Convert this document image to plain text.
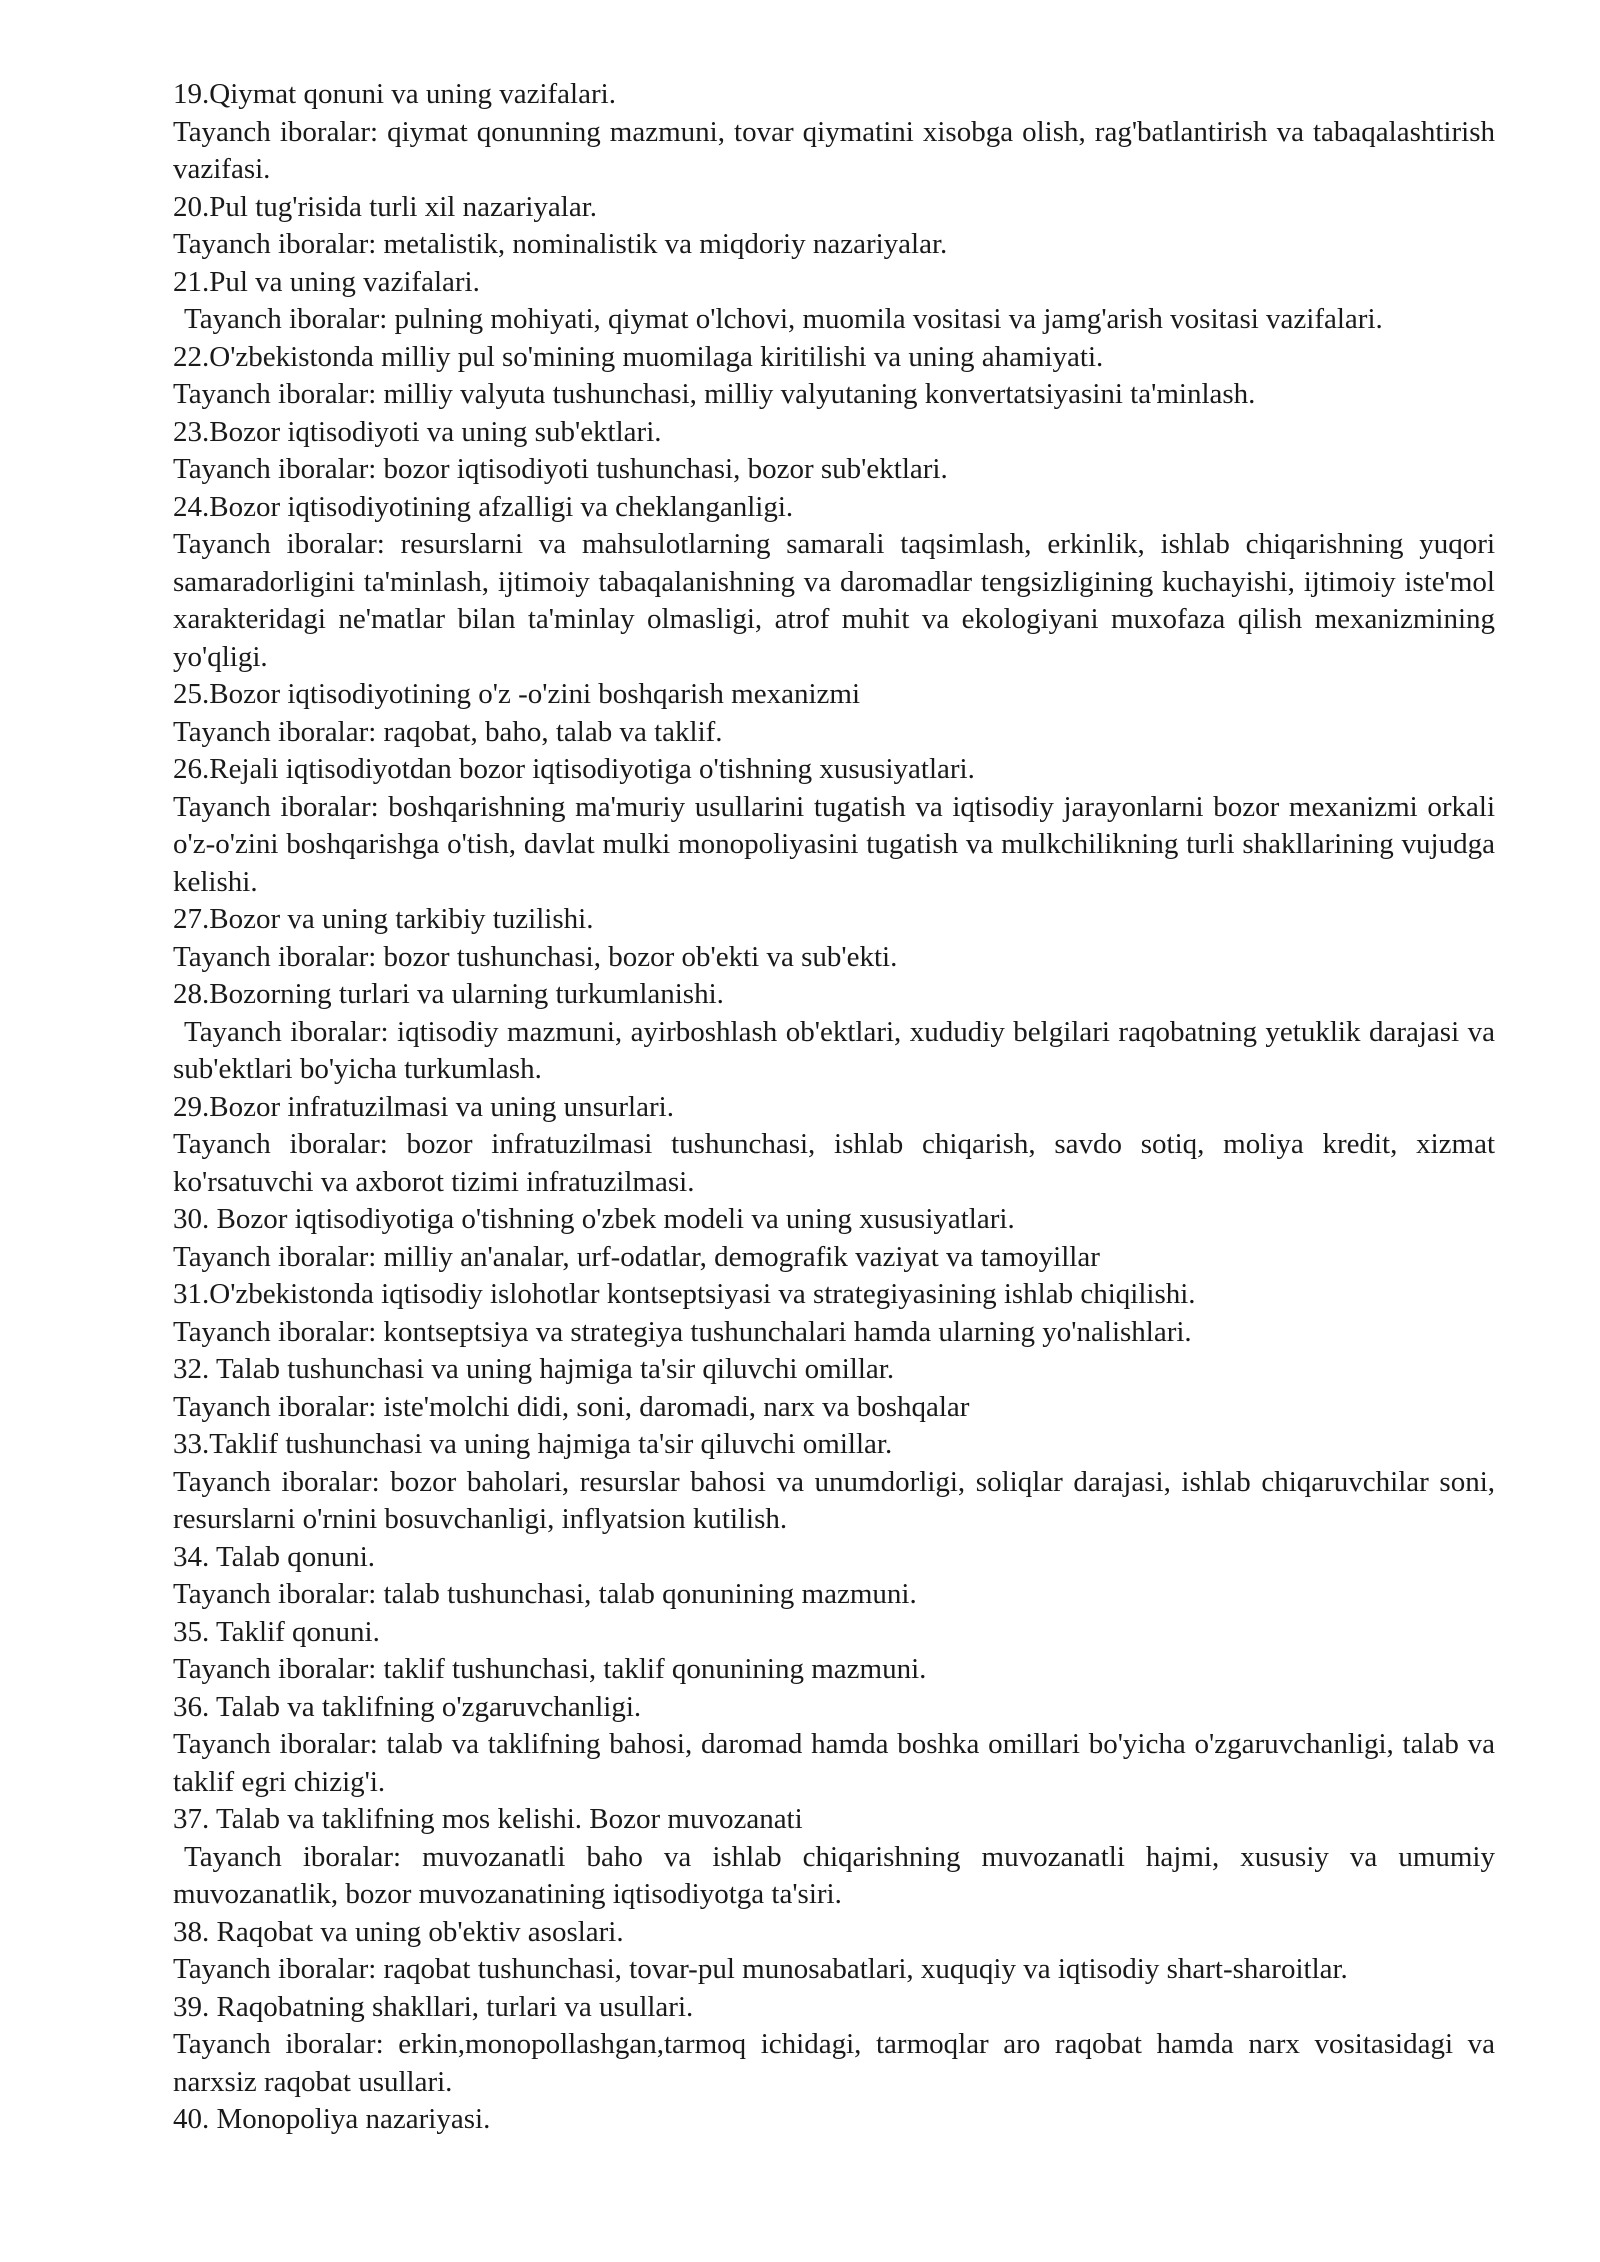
19.Qiymat qonuni va uning vazifalari.

Tayanch iboralar: qiymat qonunning mazmuni, tovar qiymatini xisobga olish, rag'batlantirish va tabaqalashtirish vazifasi.

20.Pul tug'risida turli xil nazariyalar.

Tayanch iboralar: metalistik, nominalistik va miqdoriy nazariyalar.

21.Pul va uning vazifalari.

Tayanch iboralar: pulning mohiyati, qiymat o'lchovi, muomila vositasi va jamg'arish vositasi vazifalari.

22.O'zbekistonda milliy pul so'mining muomilaga kiritilishi va uning ahamiyati.

Tayanch iboralar: milliy valyuta tushunchasi, milliy valyutaning konvertatsiyasini ta'minlash.

23.Bozor iqtisodiyoti va uning sub'ektlari.

Tayanch iboralar: bozor iqtisodiyoti tushunchasi, bozor sub'ektlari.

24.Bozor iqtisodiyotining afzalligi va cheklanganligi.

Tayanch iboralar: resurslarni va mahsulotlarning samarali taqsimlash, erkinlik, ishlab chiqarishning yuqori samaradorligini ta'minlash, ijtimoiy tabaqalanishning va daromadlar tengsizligining kuchayishi, ijtimoiy iste'mol xarakteridagi ne'matlar bilan ta'minlay olmasligi, atrof muhit va ekologiyani muxofaza qilish mexanizmining yo'qligi.

25.Bozor iqtisodiyotining o'z -o'zini boshqarish mexanizmi

Tayanch iboralar: raqobat, baho, talab va taklif.

26.Rejali iqtisodiyotdan bozor iqtisodiyotiga o'tishning xususiyatlari.

Tayanch iboralar: boshqarishning ma'muriy usullarini tugatish va iqtisodiy jarayonlarni bozor mexanizmi orkali o'z-o'zini boshqarishga o'tish, davlat mulki monopoliyasini tugatish va mulkchilikning turli shakllarining vujudga kelishi.

27.Bozor va uning tarkibiy tuzilishi.

Tayanch iboralar: bozor tushunchasi, bozor ob'ekti va sub'ekti.

28.Bozorning turlari va ularning turkumlanishi.

Tayanch iboralar: iqtisodiy mazmuni, ayirboshlash ob'ektlari, xududiy belgilari raqobatning yetuklik darajasi va sub'ektlari bo'yicha turkumlash.

29.Bozor infratuzilmasi va uning unsurlari.

Tayanch iboralar: bozor infratuzilmasi tushunchasi, ishlab chiqarish, savdo sotiq, moliya kredit, xizmat ko'rsatuvchi va axborot tizimi infratuzilmasi.

30. Bozor iqtisodiyotiga o'tishning o'zbek modeli va uning xususiyatlari.

Tayanch iboralar: milliy an'analar, urf-odatlar, demografik vaziyat va tamoyillar

31.O'zbekistonda iqtisodiy islohotlar kontseptsiyasi va strategiyasining ishlab chiqilishi.

Tayanch iboralar: kontseptsiya va strategiya tushunchalari hamda ularning yo'nalishlari.

32. Talab tushunchasi va uning hajmiga ta'sir qiluvchi omillar.

Tayanch iboralar: iste'molchi didi, soni, daromadi, narx va boshqalar

33.Taklif tushunchasi va uning hajmiga ta'sir qiluvchi omillar.

Tayanch iboralar: bozor baholari, resurslar bahosi va unumdorligi, soliqlar darajasi, ishlab chiqaruvchilar soni, resurslarni o'rnini bosuvchanligi, inflyatsion kutilish.

34. Talab qonuni.

Tayanch iboralar: talab tushunchasi, talab qonunining mazmuni.

35. Taklif qonuni.

Tayanch iboralar: taklif tushunchasi, taklif qonunining mazmuni.

36. Talab va taklifning o'zgaruvchanligi.

Tayanch iboralar: talab va taklifning bahosi, daromad hamda boshka omillari bo'yicha o'zgaruvchanligi, talab va taklif egri chizig'i.

37. Talab va taklifning mos kelishi. Bozor muvozanati

Tayanch iboralar: muvozanatli baho va ishlab chiqarishning muvozanatli hajmi, xususiy va umumiy muvozanatlik, bozor muvozanatining iqtisodiyotga ta'siri.

38. Raqobat va uning ob'ektiv asoslari.

Tayanch iboralar: raqobat tushunchasi, tovar-pul munosabatlari, xuquqiy va iqtisodiy shart-sharoitlar.

39. Raqobatning shakllari, turlari va usullari.

Tayanch iboralar: erkin,monopollashgan,tarmoq ichidagi, tarmoqlar aro raqobat hamda narx vositasidagi va narxsiz raqobat usullari.

40. Monopoliya nazariyasi.
